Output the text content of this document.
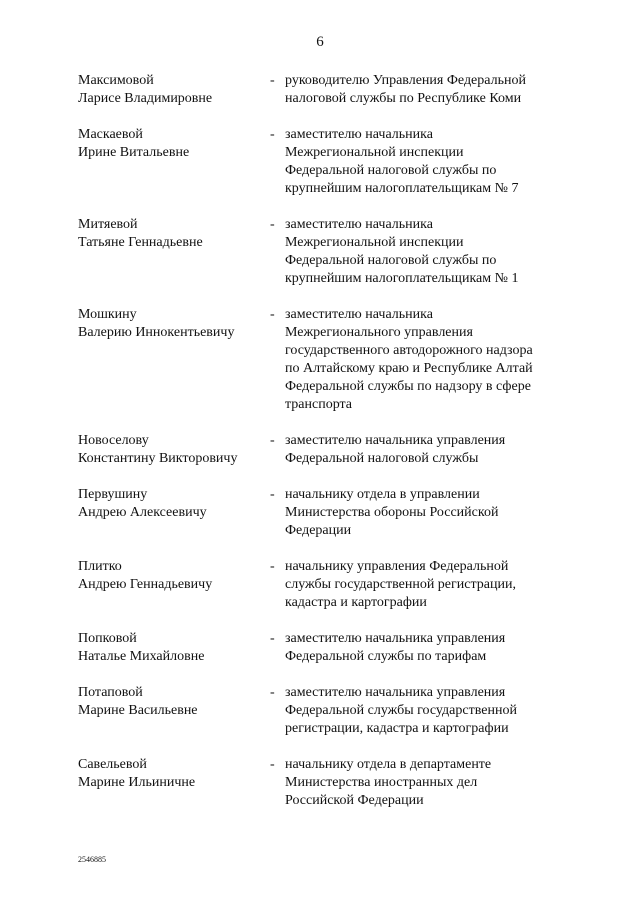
6
Максимовой
Ларисе Владимировне
- руководителю Управления Федеральной
налоговой службы по Республике Коми
Маскаевой
Ирине Витальевне
- заместителю начальника
Межрегиональной инспекции
Федеральной налоговой службы по
крупнейшим налогоплательщикам № 7
Митяевой
Татьяне Геннадьевне
- заместителю начальника
Межрегиональной инспекции
Федеральной налоговой службы по
крупнейшим налогоплательщикам № 1
Мошкину
Валерию Иннокентьевичу
- заместителю начальника
Межрегионального управления
государственного автодорожного надзора
по Алтайскому краю и Республике Алтай
Федеральной службы по надзору в сфере
транспорта
Новоселову
Константину Викторовичу
- заместителю начальника управления
Федеральной налоговой службы
Первушину
Андрею Алексеевичу
- начальнику отдела в управлении
Министерства обороны Российской
Федерации
Плитко
Андрею Геннадьевичу
- начальнику управления Федеральной
службы государственной регистрации,
кадастра и картографии
Попковой
Наталье Михайловне
- заместителю начальника управления
Федеральной службы по тарифам
Потаповой
Марине Васильевне
- заместителю начальника управления
Федеральной службы государственной
регистрации, кадастра и картографии
Савельевой
Марине Ильиничне
- начальнику отдела в департаменте
Министерства иностранных дел
Российской Федерации
2546885
